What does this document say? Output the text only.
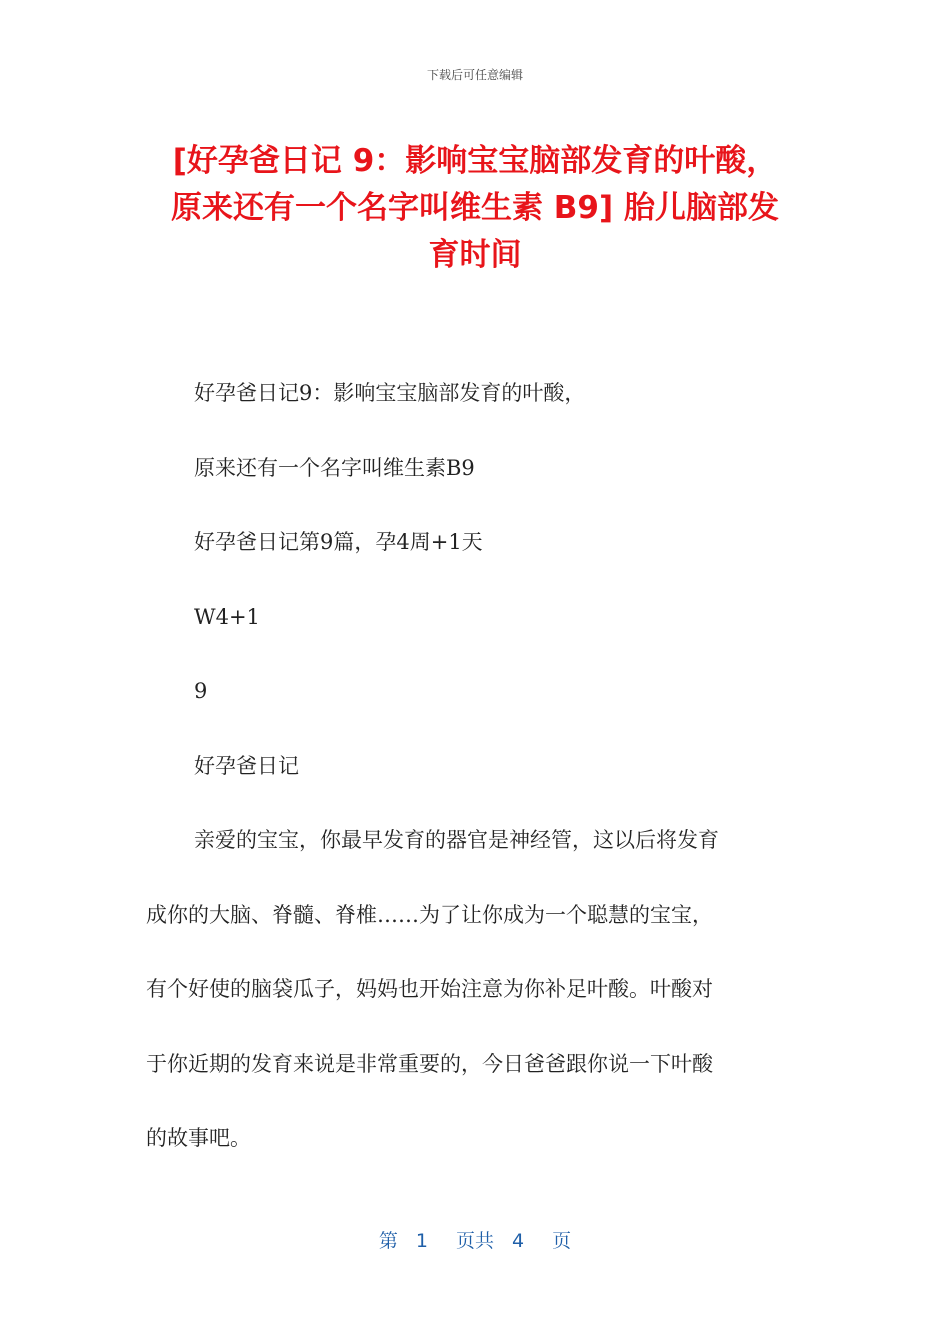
下载后可任意编辑
[好孕爸日记 9：影响宝宝脑部发育的叶酸，
原来还有一个名字叫维生素 B9] 胎儿脑部发
育时间
好孕爸日记9：影响宝宝脑部发育的叶酸，
原来还有一个名字叫维生素B9
好孕爸日记第9篇，孕4周+1天
W4+1
9
好孕爸日记
亲爱的宝宝，你最早发育的器官是神经管，这以后将发育
成你的大脑、脊髓、脊椎……为了让你成为一个聪慧的宝宝，
有个好使的脑袋瓜子，妈妈也开始注意为你补足叶酸。叶酸对
于你近期的发育来说是非常重要的，今日爸爸跟你说一下叶酸
的故事吧。
第 1 页共 4 页
